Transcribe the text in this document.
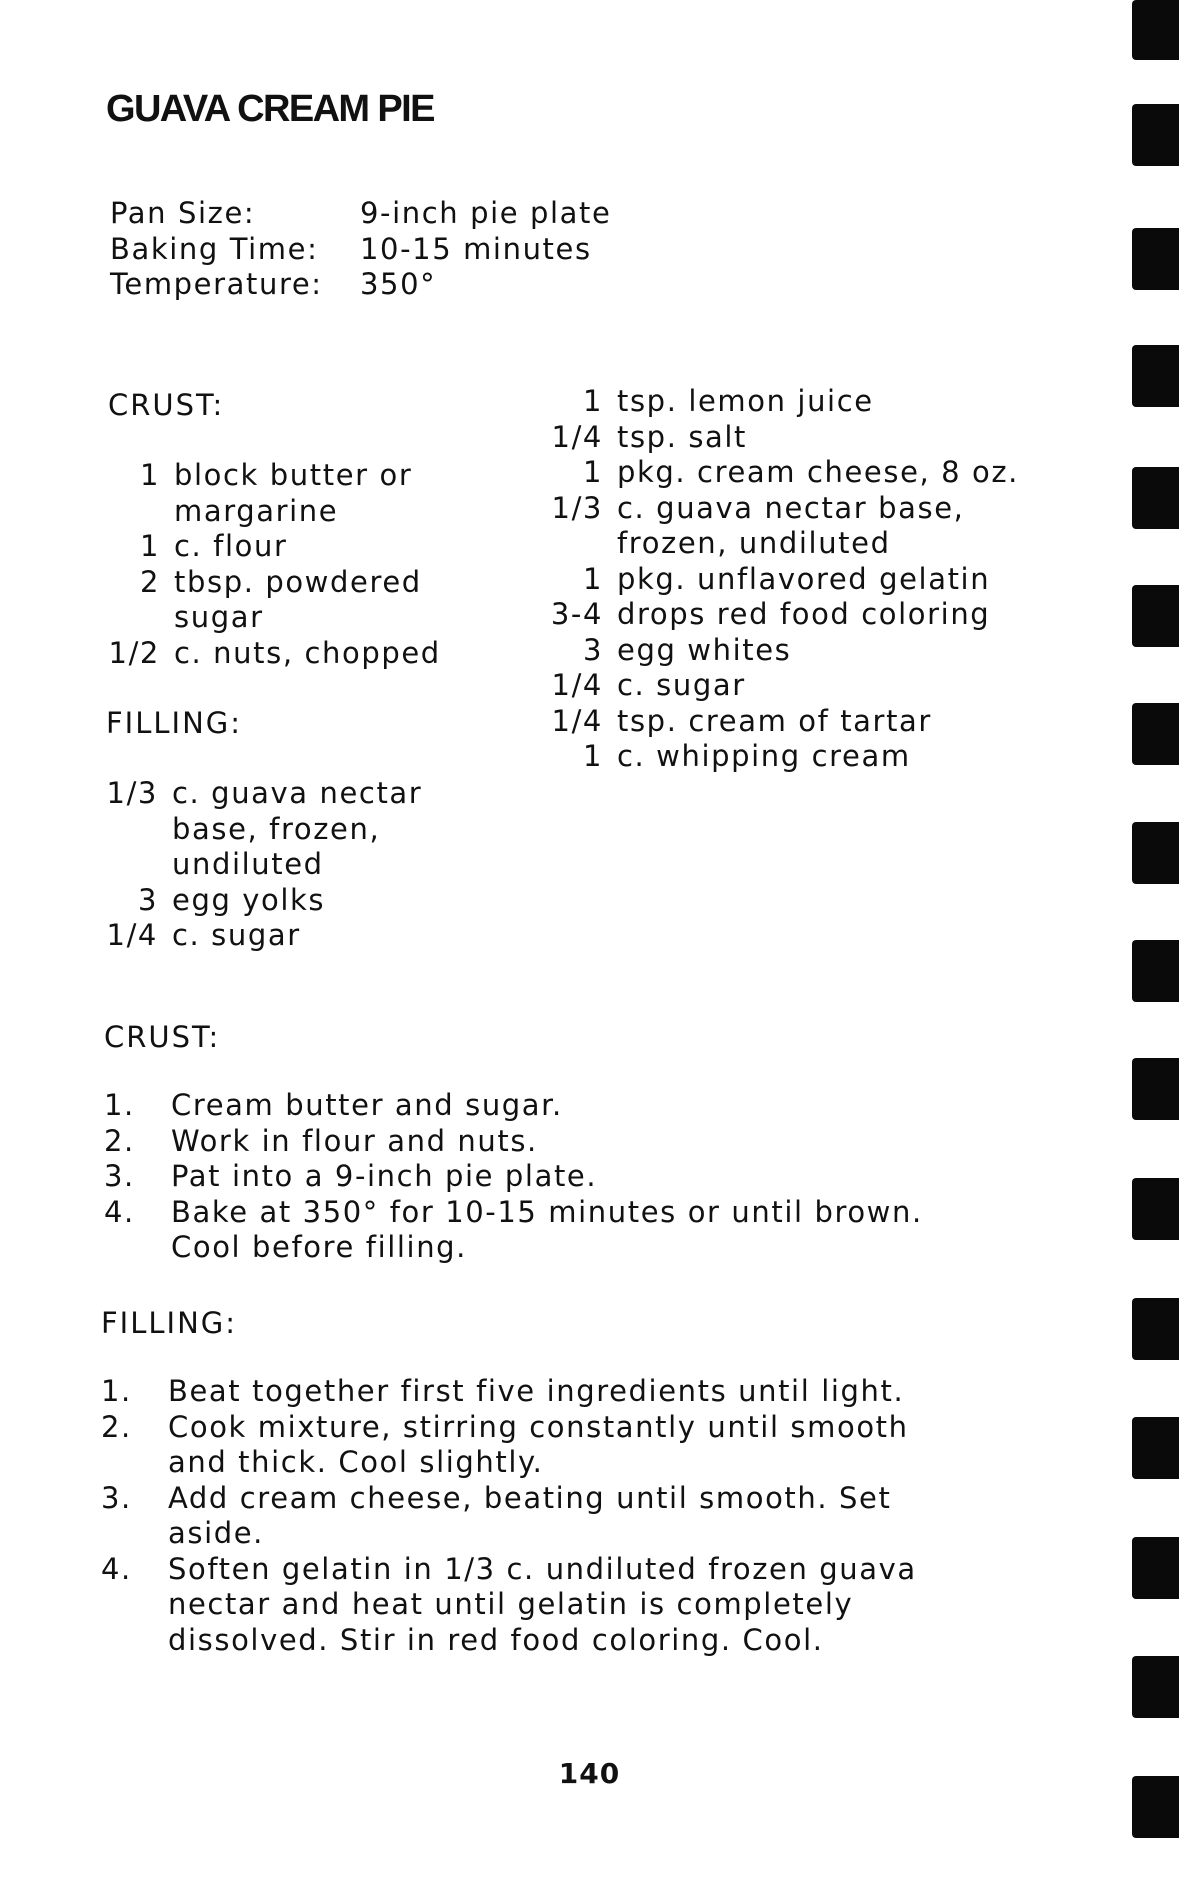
GUAVA CREAM PIE
Pan Size:	9-inch pie plate
Baking Time:	10-15 minutes
Temperature:	350°
CRUST:
1 block butter or margarine
1 c. flour
2 tbsp. powdered sugar
1/2 c. nuts, chopped
FILLING:
1/3 c. guava nectar base, frozen, undiluted
3 egg yolks
1/4 c. sugar
1 tsp. lemon juice
1/4 tsp. salt
1 pkg. cream cheese, 8 oz.
1/3 c. guava nectar base, frozen, undiluted
1 pkg. unflavored gelatin
3-4 drops red food coloring
3 egg whites
1/4 c. sugar
1/4 tsp. cream of tartar
1 c. whipping cream
CRUST:
1.	Cream butter and sugar.
2.	Work in flour and nuts.
3.	Pat into a 9-inch pie plate.
4.	Bake at 350° for 10-15 minutes or until brown. Cool before filling.
FILLING:
1.	Beat together first five ingredients until light.
2.	Cook mixture, stirring constantly until smooth and thick. Cool slightly.
3.	Add cream cheese, beating until smooth. Set aside.
4.	Soften gelatin in 1/3 c. undiluted frozen guava nectar and heat until gelatin is completely dissolved. Stir in red food coloring. Cool.
140
